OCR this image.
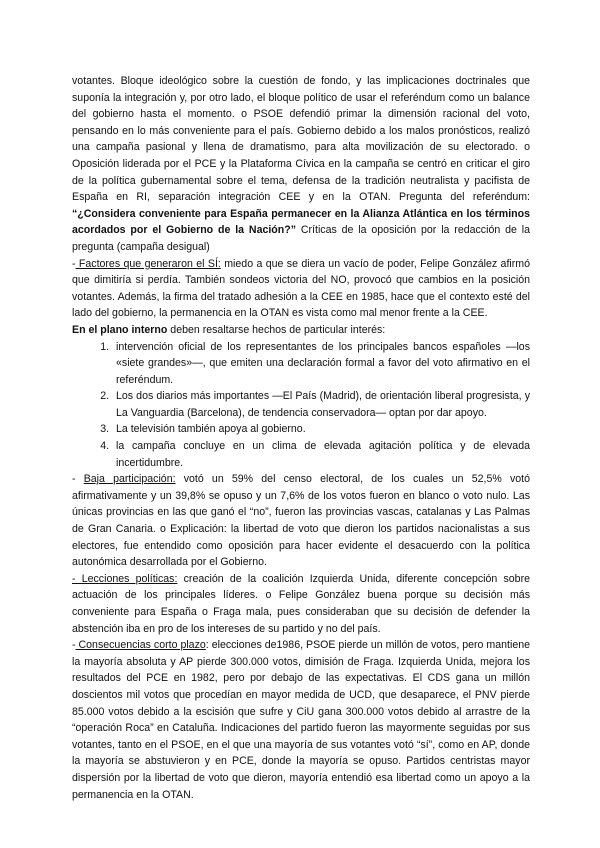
votantes. Bloque ideológico sobre la cuestión de fondo, y las implicaciones doctrinales que suponía la integración y, por otro lado, el bloque político de usar el referéndum como un balance del gobierno hasta el momento. o PSOE defendió primar la dimensión racional del voto, pensando en lo más conveniente para el país. Gobierno debido a los malos pronósticos, realizó una campaña pasional y llena de dramatismo, para alta movilización de su electorado. o Oposición liderada por el PCE y la Plataforma Cívica en la campaña se centró en criticar el giro de la política gubernamental sobre el tema, defensa de la tradición neutralista y pacifista de España en RI, separación integración CEE y en la OTAN. Pregunta del referéndum: “¿Considera conveniente para España permanecer en la Alianza Atlántica en los términos acordados por el Gobierno de la Nación?” Críticas de la oposición por la redacción de la pregunta (campaña desigual)

- Factores que generaron el SÍ: miedo a que se diera un vacío de poder, Felipe González afirmó que dimitiría si perdía. También sondeos victoria del NO, provocó que cambios en la posición votantes. Además, la firma del tratado adhesión a la CEE en 1985, hace que el contexto esté del lado del gobierno, la permanencia en la OTAN es vista como mal menor frente a la CEE.

En el plano interno deben resaltarse hechos de particular interés:

1. intervención oficial de los representantes de los principales bancos españoles —los «siete grandes»—, que emiten una declaración formal a favor del voto afirmativo en el referéndum.
2. Los dos diarios más importantes —El País (Madrid), de orientación liberal progresista, y La Vanguardia (Barcelona), de tendencia conservadora— optan por dar apoyo.
3. La televisión también apoya al gobierno.
4. la campaña concluye en un clima de elevada agitación política y de elevada incertidumbre.

- Baja participación: votó un 59% del censo electoral, de los cuales un 52,5% votó afirmativamente y un 39,8% se opuso y un 7,6% de los votos fueron en blanco o voto nulo. Las únicas provincias en las que ganó el “no”, fueron las provincias vascas, catalanas y Las Palmas de Gran Canaria. o Explicación: la libertad de voto que dieron los partidos nacionalistas a sus electores, fue entendido como oposición para hacer evidente el desacuerdo con la política autonómica desarrollada por el Gobierno.

- Lecciones políticas: creación de la coalición Izquierda Unida, diferente concepción sobre actuación de los principales líderes. o Felipe González buena porque su decisión más conveniente para España o Fraga mala, pues consideraban que su decisión de defender la abstención iba en pro de los intereses de su partido y no del país.

- Consecuencias corto plazo: elecciones de1986, PSOE pierde un millón de votos, pero mantiene la mayoría absoluta y AP pierde 300.000 votos, dimisión de Fraga. Izquierda Unida, mejora los resultados del PCE en 1982, pero por debajo de las expectativas. El CDS gana un millón doscientos mil votos que procedían en mayor medida de UCD, que desaparece, el PNV pierde 85.000 votos debido a la escisión que sufre y CiU gana 300.000 votos debido al arrastre de la “operación Roca” en Cataluña. Indicaciones del partido fueron las mayormente seguidas por sus votantes, tanto en el PSOE, en el que una mayoría de sus votantes votó “sí”, como en AP, donde la mayoría se abstuvieron y en PCE, donde la mayoría se opuso. Partidos centristas mayor dispersión por la libertad de voto que dieron, mayoría entendió esa libertad como un apoyo a la permanencia en la OTAN.
